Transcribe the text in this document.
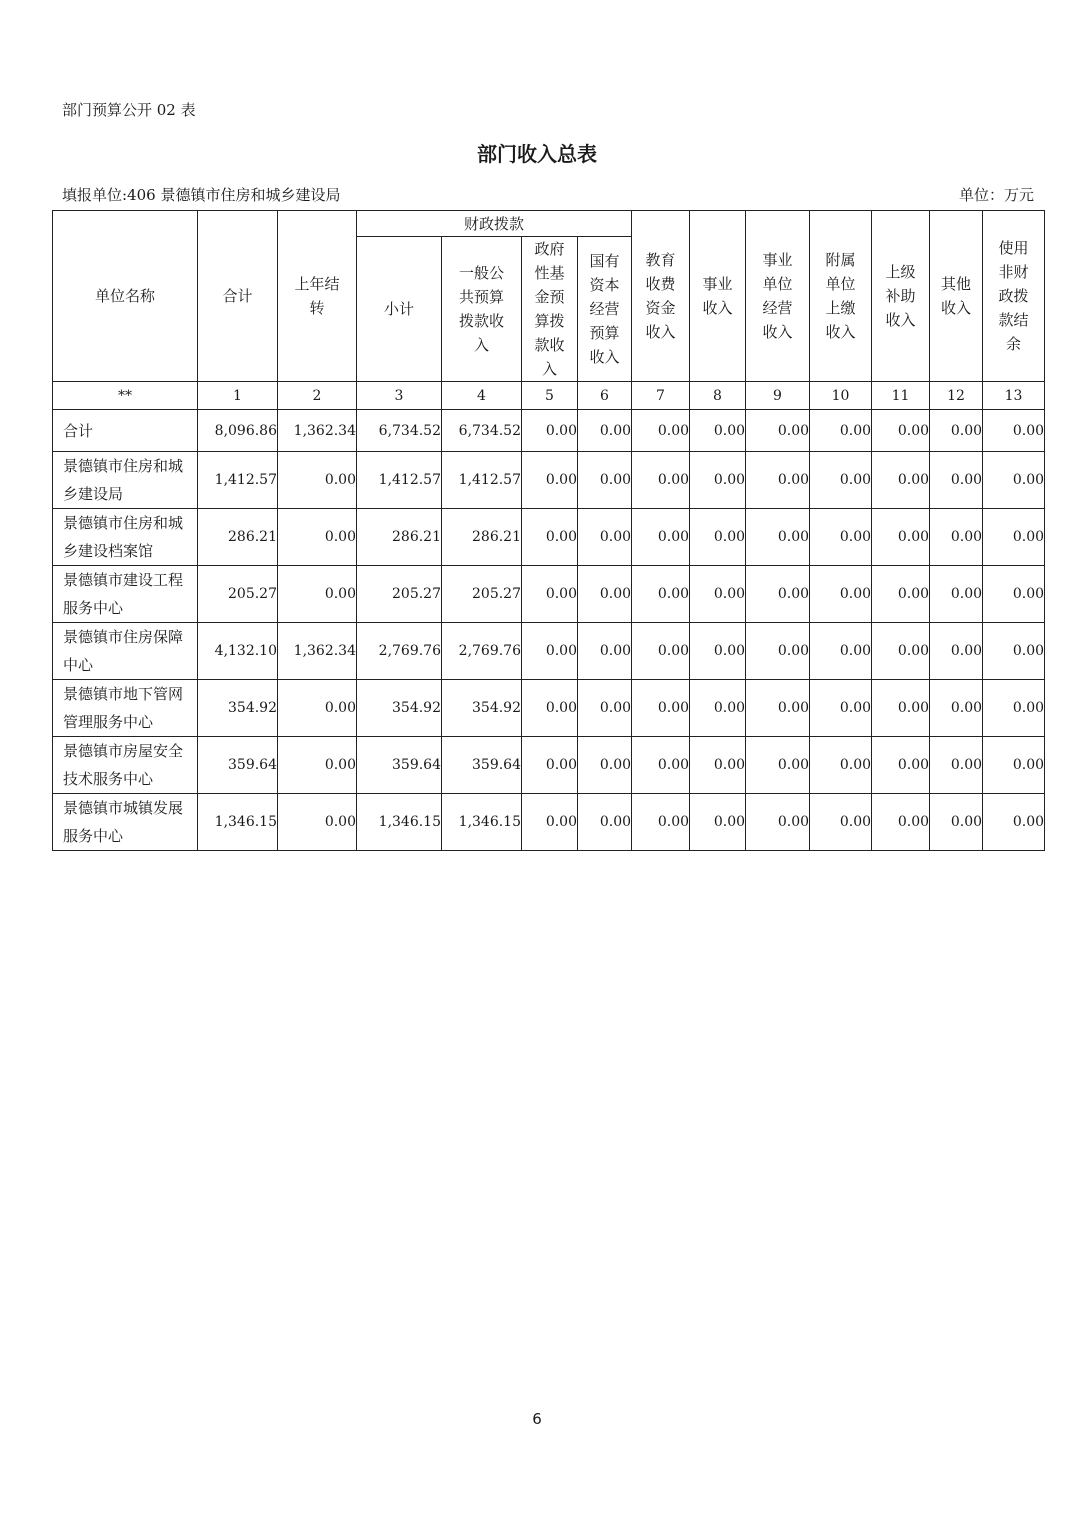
部门预算公开 02 表
部门收入总表
填报单位:406 景德镇市住房和城乡建设局	单位：万元
单位名称	合计	上年结转	财政拨款				教育收费资金收入	事业收入	事业单位经营收入	附属单位上缴收入	上级补助收入	其他收入	使用非财政拨款结余
			小计	一般公共预算拨款收入	政府性基金预算拨款收入	国有资本经营预算收入							
**	1	2	3	4	5	6	7	8	9	10	11	12	13
合计	8,096.86	1,362.34	6,734.52	6,734.52	0.00	0.00	0.00	0.00	0.00	0.00	0.00	0.00	0.00
景德镇市住房和城乡建设局	1,412.57	0.00	1,412.57	1,412.57	0.00	0.00	0.00	0.00	0.00	0.00	0.00	0.00	0.00
景德镇市住房和城乡建设档案馆	286.21	0.00	286.21	286.21	0.00	0.00	0.00	0.00	0.00	0.00	0.00	0.00	0.00
景德镇市建设工程服务中心	205.27	0.00	205.27	205.27	0.00	0.00	0.00	0.00	0.00	0.00	0.00	0.00	0.00
景德镇市住房保障中心	4,132.10	1,362.34	2,769.76	2,769.76	0.00	0.00	0.00	0.00	0.00	0.00	0.00	0.00	0.00
景德镇市地下管网管理服务中心	354.92	0.00	354.92	354.92	0.00	0.00	0.00	0.00	0.00	0.00	0.00	0.00	0.00
景德镇市房屋安全技术服务中心	359.64	0.00	359.64	359.64	0.00	0.00	0.00	0.00	0.00	0.00	0.00	0.00	0.00
景德镇市城镇发展服务中心	1,346.15	0.00	1,346.15	1,346.15	0.00	0.00	0.00	0.00	0.00	0.00	0.00	0.00	0.00
6
